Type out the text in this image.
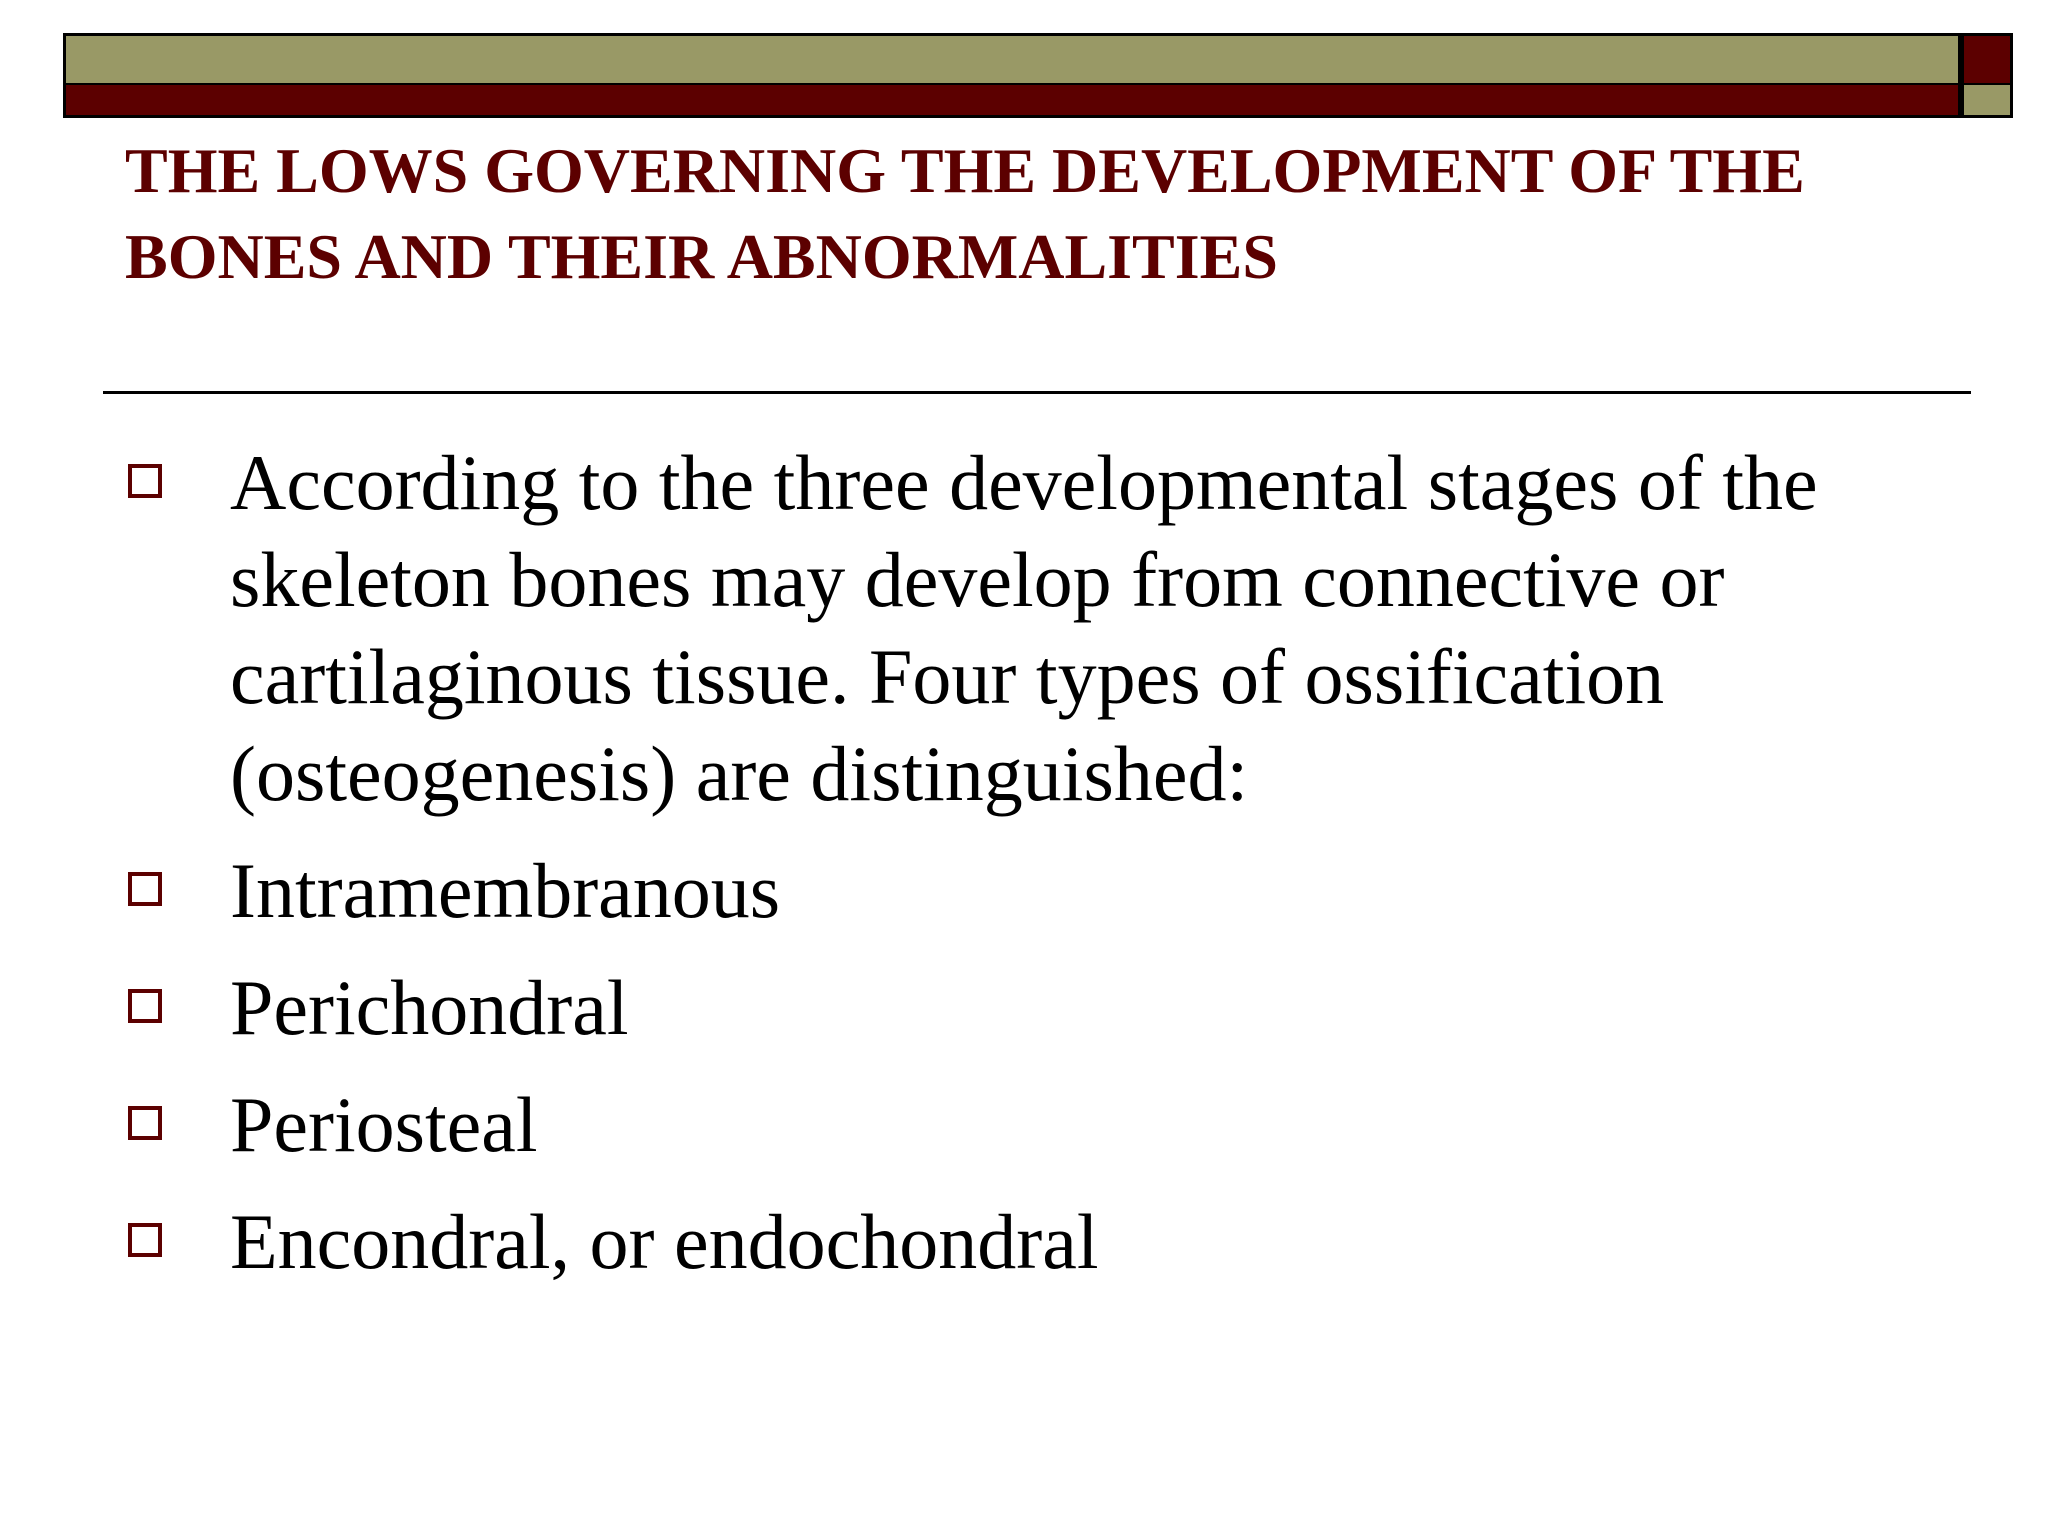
THE LOWS GOVERNING THE DEVELOPMENT OF THE BONES AND THEIR ABNORMALITIES
According to the three developmental stages of the skeleton bones may develop from connective or cartilaginous tissue. Four types of ossification (osteogenesis) are distinguished:
Intramembranous
Perichondral
Periosteal
Encondral, or endochondral
